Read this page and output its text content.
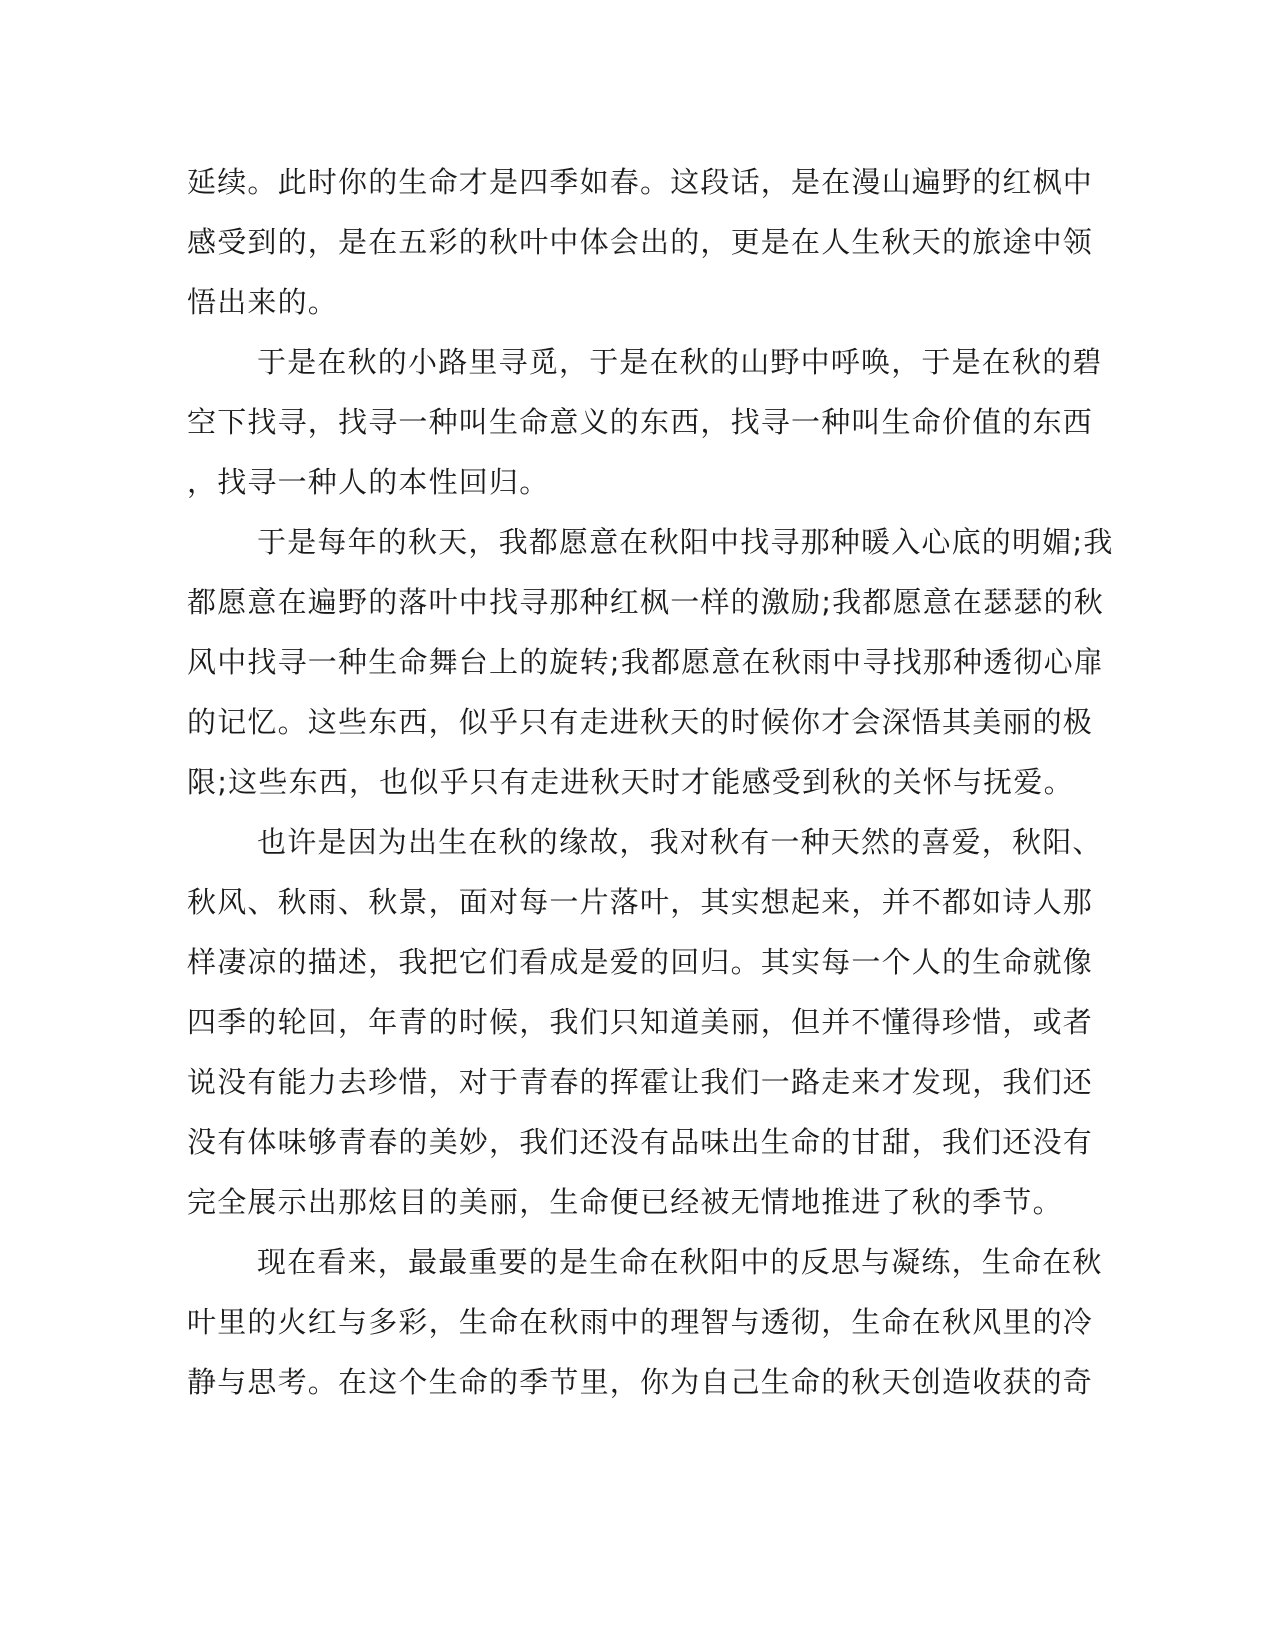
延续。此时你的生命才是四季如春。这段话，是在漫山遍野的红枫中
感受到的，是在五彩的秋叶中体会出的，更是在人生秋天的旅途中领
悟出来的。
于是在秋的小路里寻觅，于是在秋的山野中呼唤，于是在秋的碧
空下找寻，找寻一种叫生命意义的东西，找寻一种叫生命价值的东西
，找寻一种人的本性回归。
于是每年的秋天，我都愿意在秋阳中找寻那种暖入心底的明媚;我
都愿意在遍野的落叶中找寻那种红枫一样的激励;我都愿意在瑟瑟的秋
风中找寻一种生命舞台上的旋转;我都愿意在秋雨中寻找那种透彻心扉
的记忆。这些东西，似乎只有走进秋天的时候你才会深悟其美丽的极
限;这些东西，也似乎只有走进秋天时才能感受到秋的关怀与抚爱。
也许是因为出生在秋的缘故，我对秋有一种天然的喜爱，秋阳、
秋风、秋雨、秋景，面对每一片落叶，其实想起来，并不都如诗人那
样凄凉的描述，我把它们看成是爱的回归。其实每一个人的生命就像
四季的轮回，年青的时候，我们只知道美丽，但并不懂得珍惜，或者
说没有能力去珍惜，对于青春的挥霍让我们一路走来才发现，我们还
没有体味够青春的美妙，我们还没有品味出生命的甘甜，我们还没有
完全展示出那炫目的美丽，生命便已经被无情地推进了秋的季节。
现在看来，最最重要的是生命在秋阳中的反思与凝练，生命在秋
叶里的火红与多彩，生命在秋雨中的理智与透彻，生命在秋风里的冷
静与思考。在这个生命的季节里，你为自己生命的秋天创造收获的奇
